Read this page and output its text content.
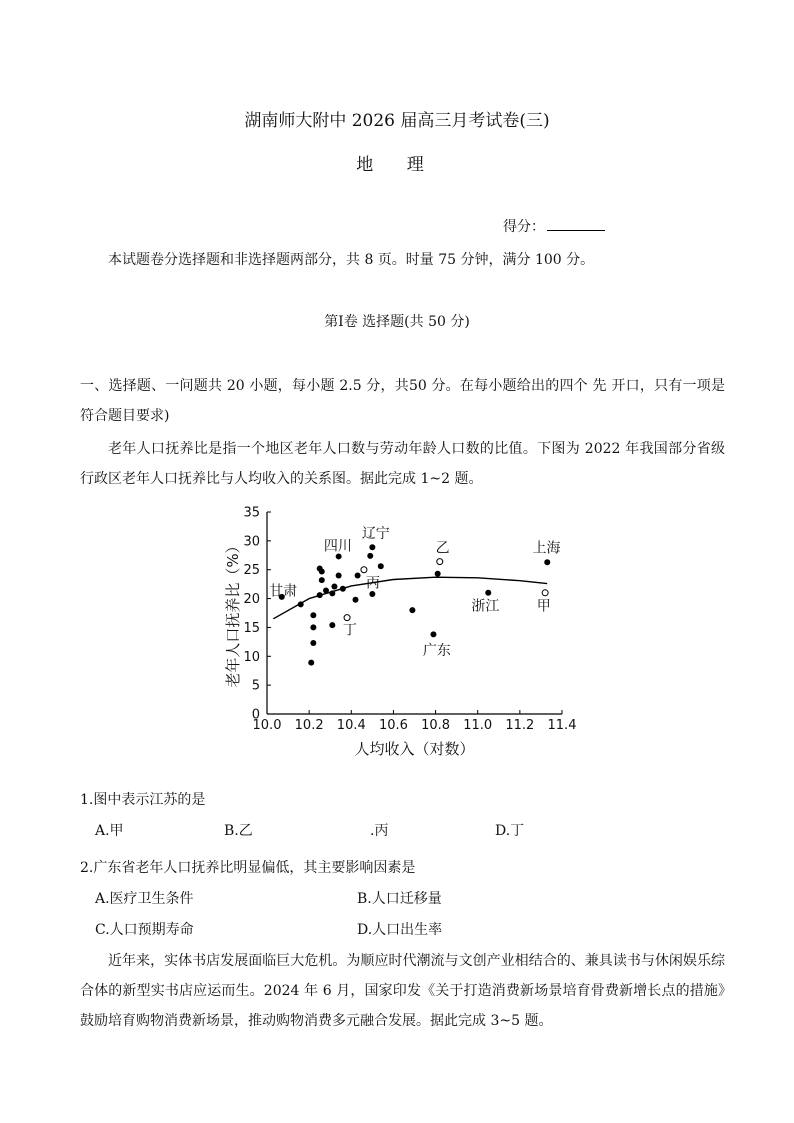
湖南师大附中 2026 届高三月考试卷(三)
地 理
得分：
本试题卷分选择题和非选择题两部分，共 8 页。时量 75 分钟，满分 100 分。
第Ⅰ卷 选择题(共 50 分)
一、选择题、一问题共 20 小题，每小题 2.5 分，共50 分。在每小题给出的四个 先 开口，只有一项是符合题目要求)
老年人口抚养比是指一个地区老年人口数与劳动年龄人口数的比值。下图为 2022 年我国部分省级行政区老年人口抚养比与人均收入的关系图。据此完成 1~2 题。
10.0 10.2 10.4 10.6 10.8 11.0 11.2 11.4
0
5
10
15
20
25
30
35
人均收入（对数）
老年人口抚养比（%） 甘肃
四川
辽宁
乙	上海
丙
丁
浙江	甲
广东
1.图中表示江苏的是
A.甲	B.乙	.丙	D.丁
2.广东省老年人口抚养比明显偏低，其主要影响因素是
A.医疗卫生条件	B.人口迁移量
C.人口预期寿命	D.人口出生率
近年来，实体书店发展面临巨大危机。为顺应时代潮流与文创产业相结合的、兼具读书与休闲娱乐综合体的新型实书店应运而生。2024 年 6 月，国家印发《关于打造消费新场景培育骨费新增长点的措施》鼓励培育购物消费新场景，推动购物消费多元融合发展。据此完成 3~5 题。
